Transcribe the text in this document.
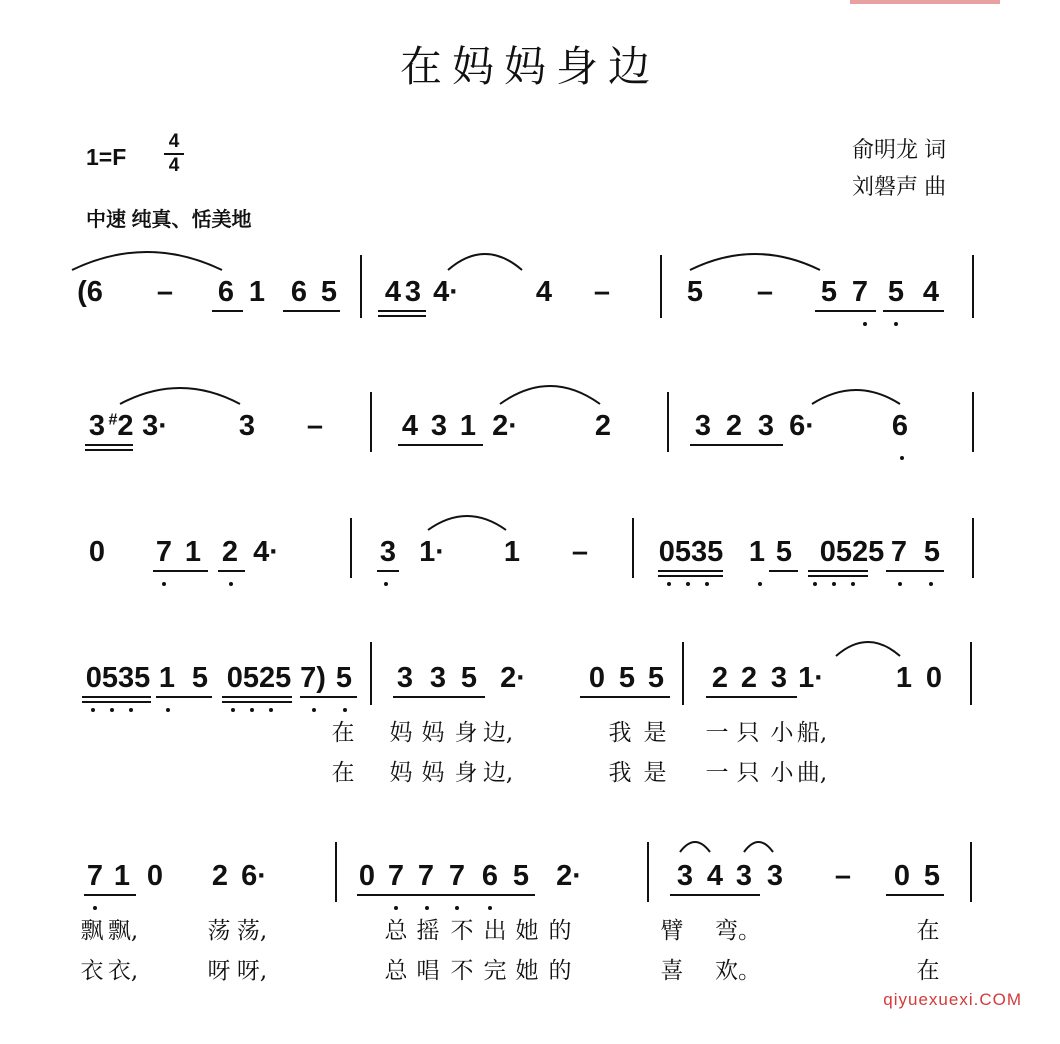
在妈妈身边
1=F
4
4
中速 纯真、恬美地
俞明龙 词
刘磐声 曲
(6 – 6 1 6 5 4 3 4·	4 –	5 – 5 7 5 4
3 #2 3· 3 –	4 3 1 2·	2	3 2 3 6·	6
0 7 1 2 4·	3 1· 1 – 0535 1 5 0525 7 5
0535 1 5 0525 7) 5 3 3 5 2· 0 5 5 2 2 3 1· 1 0
7 1 0 2 6·	0 7 7 7 6 5 2·	3 4 3 3 – 0 5
在 妈 妈 身 边,	我 是 一 只 小 船,
在 妈 妈 身 边,	我 是 一 只 小 曲,
飘 飘,	荡 荡,	总 摇 不 出 她 的	臂 弯。	在
衣 衣,	呀 呀,	总 唱 不 完 她 的	喜 欢。	在
qiyuexuexi.COM
